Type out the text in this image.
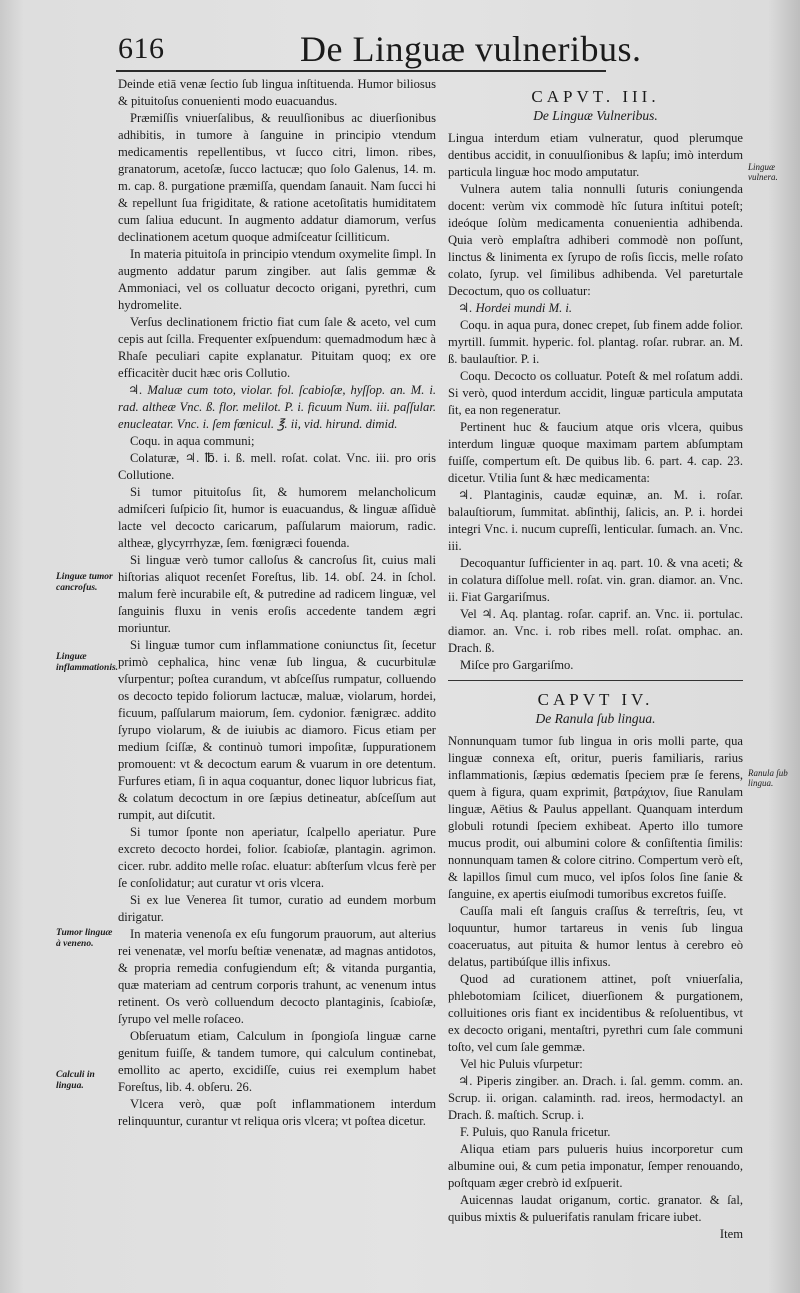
616	De Linguæ vulneribus.
Linguæ tumor cancroſus.
Linguæ inflammationis.
Tumor linguæ à veneno.
Calculi in lingua.

Deinde etiā venæ ſectio ſub lingua inſtituenda. Humor biliosus & pituitoſus conuenienti modo euacuandus.

Præmiſſis vniuerſalibus, & reuulſionibus ac diuerſionibus adhibitis, in tumore à ſanguine in principio vtendum medicamentis repellentibus, vt ſucco citri, limon. ribes, granatorum, acetoſæ, ſucco lactucæ; quo ſolo Galenus, 14. m. m. cap. 8. purgatione præmiſſa, quendam ſanauit. Nam ſucci hi & repellunt ſua frigiditate, & ratione acetoſitatis humiditatem cum ſaliua educunt. In augmento addatur diamorum, verſus declinationem acetum quoque admiſceatur ſcilliticum.

In materia pituitoſa in principio vtendum oxymelite ſimpl. In augmento addatur parum zingiber. aut ſalis gemmæ & Ammoniaci, vel os colluatur decocto origani, pyrethri, cum hydromelite.

Verſus declinationem frictio fiat cum ſale & aceto, vel cum cepis aut ſcilla. Frequenter exſpuendum: quemadmodum hæc à Rhaſe peculiari capite explanatur. Pituitam quoq; ex ore efficacitèr ducit hæc oris Collutio.

♃. Maluæ cum toto, violar. fol. ſcabioſæ, hyſſop. an. M. i. rad. altheæ Vnc. ß. flor. melilot. P. i. ficuum Num. iii. paſſular. enucleatar. Vnc. i. ſem fœnicul. ℥. ii, vid. hirund. dimid.

Coqu. in aqua communi;

Colaturæ, ♃. ℔. i. ß. mell. roſat. colat. Vnc. iii. pro oris Collutione.

Si tumor pituitoſus ſit, & humorem melancholicum admiſceri ſuſpicio ſit, humor is euacuandus, & linguæ aſſiduè lacte vel decocto caricarum, paſſularum maiorum, radic. altheæ, glycyrrhyzæ, ſem. fœnigræci fouenda.

Si linguæ verò tumor calloſus & cancroſus ſit, cuius mali hiſtorias aliquot recenſet Foreſtus, lib. 14. obſ. 24. in ſchol. malum ferè incurabile eſt, & putredine ad radicem linguæ, vel ſanguinis fluxu in venis eroſis accedente tandem ægri moriuntur.

Si linguæ tumor cum inflammatione coniunctus ſit, ſecetur primò cephalica, hinc venæ ſub lingua, & cucurbitulæ vſurpentur; poſtea curandum, vt abſceſſus rumpatur, colluendo os decocto tepido foliorum lactucæ, maluæ, violarum, hordei, ficuum, paſſularum maiorum, ſem. cydonior. fænigræc. addito ſyrupo violarum, & de iuiubis ac diamoro. Ficus etiam per medium ſciſſæ, & continuò tumori impoſitæ, ſuppurationem promouent: vt & decoctum earum & vuarum in ore detentum. Furfures etiam, ſi in aqua coquantur, donec liquor lubricus fiat, & colatum decoctum in ore ſæpius detineatur, abſceſſum aut rumpit, aut diſcutit.

Si tumor ſponte non aperiatur, ſcalpello aperiatur. Pure excreto decocto hordei, folior. ſcabioſæ, plantagin. agrimon. cicer. rubr. addito melle roſac. eluatur: abſterſum vlcus ferè per ſe conſolidatur; aut curatur vt oris vlcera.

Si ex lue Venerea ſit tumor, curatio ad eundem morbum dirigatur.

In materia venenoſa ex eſu fungorum prauorum, aut alterius rei venenatæ, vel morſu beſtiæ venenatæ, ad magnas antidotos, & propria remedia confugiendum eſt; & vitanda purgantia, quæ materiam ad centrum corporis trahunt, ac venenum intus retinent. Os verò colluendum decocto plantaginis, ſcabioſæ, ſyrupo vel melle roſaceo.

Obſeruatum etiam, Calculum in ſpongioſa linguæ carne genitum fuiſſe, & tandem tumore, qui calculum continebat, emollito ac aperto, excidiſſe, cuius rei exemplum habet Foreſtus, lib. 4. obſeru. 26.

Vlcera verò, quæ poſt inflammationem interdum relinquuntur, curantur vt reliqua oris vlcera; vt poſtea dicetur.

Linguæ vulnera.
Ranula ſub lingua.
CAPVT. III.
De Linguæ Vulneribus.

Lingua interdum etiam vulneratur, quod plerumque dentibus accidit, in conuulſionibus & lapſu; imò interdum particula linguæ hoc modo amputatur.

Vulnera autem talia nonnulli ſuturis coniungenda docent: verùm vix commodè hîc ſutura inſtitui poteſt; ideóque ſolùm medicamenta conuenientia adhibenda. Quia verò emplaſtra adhiberi commodè non poſſunt, linctus & linimenta ex ſyrupo de roſis ſiccis, melle roſato colato, ſyrup. vel ſimilibus adhibenda. Vel pareturtale Decoctum, quo os colluatur:

♃. Hordei mundi M. i.

Coqu. in aqua pura, donec crepet, ſub finem adde folior. myrtill. ſummit. hyperic. fol. plantag. roſar. rubrar. an. M. ß. baulauſtior. P. i.

Coqu. Decocto os colluatur. Poteſt & mel roſatum addi. Si verò, quod interdum accidit, linguæ particula amputata ſit, ea non regeneratur.

Pertinent huc & faucium atque oris vlcera, quibus interdum linguæ quoque maximam partem abſumptam fuiſſe, compertum eſt. De quibus lib. 6. part. 4. cap. 23. dicetur. Vtilia ſunt & hæc medicamenta:

♃. Plantaginis, caudæ equinæ, an. M. i. roſar. balauſtiorum, ſummitat. abſinthij, ſalicis, an. P. i. hordei integri Vnc. i. nucum cupreſſi, lenticular. ſumach. an. Vnc. iii.

Decoquantur ſufficienter in aq. part. 10. & vna aceti; & in colatura diſſolue mell. roſat. vin. gran. diamor. an. Vnc. ii. Fiat Gargariſmus.

Vel ♃. Aq. plantag. roſar. caprif. an. Vnc. ii. portulac. diamor. an. Vnc. i. rob ribes mell. roſat. omphac. an. Drach. ß.

Miſce pro Gargariſmo.

CAPVT IV.
De Ranula ſub lingua.

Nonnunquam tumor ſub lingua in oris molli parte, qua linguæ connexa eſt, oritur, pueris familiaris, rarius inflammationis, ſæpius œdematis ſpeciem præ ſe ferens, quem à figura, quam exprimit, βατράχιον, ſiue Ranulam linguæ, Aëtius & Paulus appellant. Quanquam interdum globuli rotundi ſpeciem exhibeat. Aperto illo tumore mucus prodit, oui albumini colore & conſiſtentia ſimilis: nonnunquam tamen & colore citrino. Compertum verò eſt, & lapillos ſimul cum muco, vel ipſos ſolos ſine ſanie & ſanguine, ex apertis eiuſmodi tumoribus excretos fuiſſe.

Cauſſa mali eſt ſanguis craſſus & terreſtris, ſeu, vt loquuntur, humor tartareus in venis ſub lingua coaceruatus, aut pituita & humor lentus à cerebro eò delatus, partibúſque illis infixus.

Quod ad curationem attinet, poſt vniuerſalia, phlebotomiam ſcilicet, diuerſionem & purgationem, colluitiones oris fiant ex incidentibus & reſoluentibus, vt ex decocto origani, mentaſtri, pyrethri cum ſale communi toſto, vel cum ſale gemmæ.

Vel hic Puluis vſurpetur:

♃. Piperis zingiber. an. Drach. i. ſal. gemm. comm. an. Scrup. ii. origan. calaminth. rad. ireos, hermodactyl. an Drach. ß. maſtich. Scrup. i.

F. Puluis, quo Ranula fricetur.

Aliqua etiam pars pulueris huius incorporetur cum albumine oui, & cum petia imponatur, ſemper renouando, poſtquam æger crebrò id exſpuerit.

Auicennas laudat origanum, cortic. granator. & ſal, quibus mixtis & puluerifatis ranulam fricare iubet.

Item
